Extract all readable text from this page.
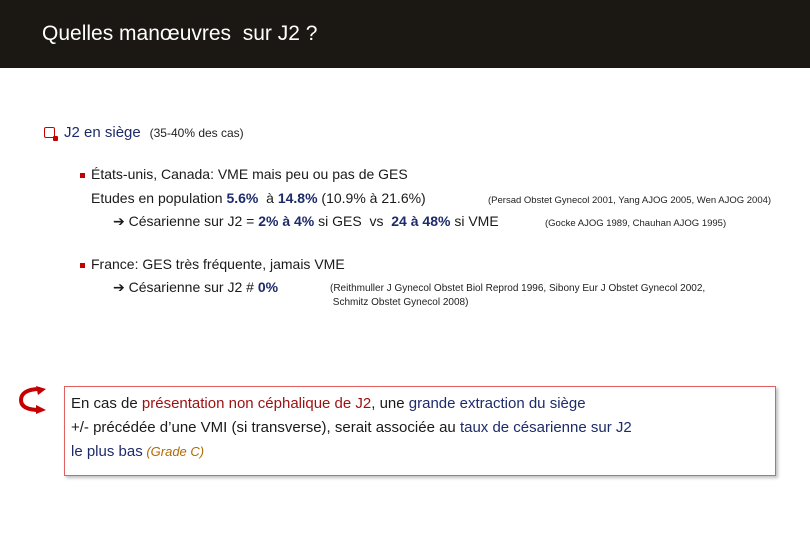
Quelles manœuvres  sur J2 ?
J2 en siège (35-40% des cas)
États-unis, Canada: VME mais peu ou pas de GES
Etudes en population 5.6%  à 14.8% (10.9% à 21.6%)	(Persad Obstet Gynecol 2001, Yang AJOG 2005, Wen AJOG 2004)
➔ Césarienne sur J2 = 2% à 4% si GES  vs  24 à 48% si VME	(Gocke AJOG 1989, Chauhan AJOG 1995)
France: GES très fréquente, jamais VME
➔ Césarienne sur J2 # 0%	(Reithmuller J Gynecol Obstet Biol Reprod 1996, Sibony Eur J Obstet Gynecol 2002,
Schmitz Obstet Gynecol 2008)
En cas de présentation non céphalique de J2, une grande extraction du siège
+/- précédée d’une VMI (si transverse), serait associée au taux de césarienne sur J2
le plus bas (Grade C)
